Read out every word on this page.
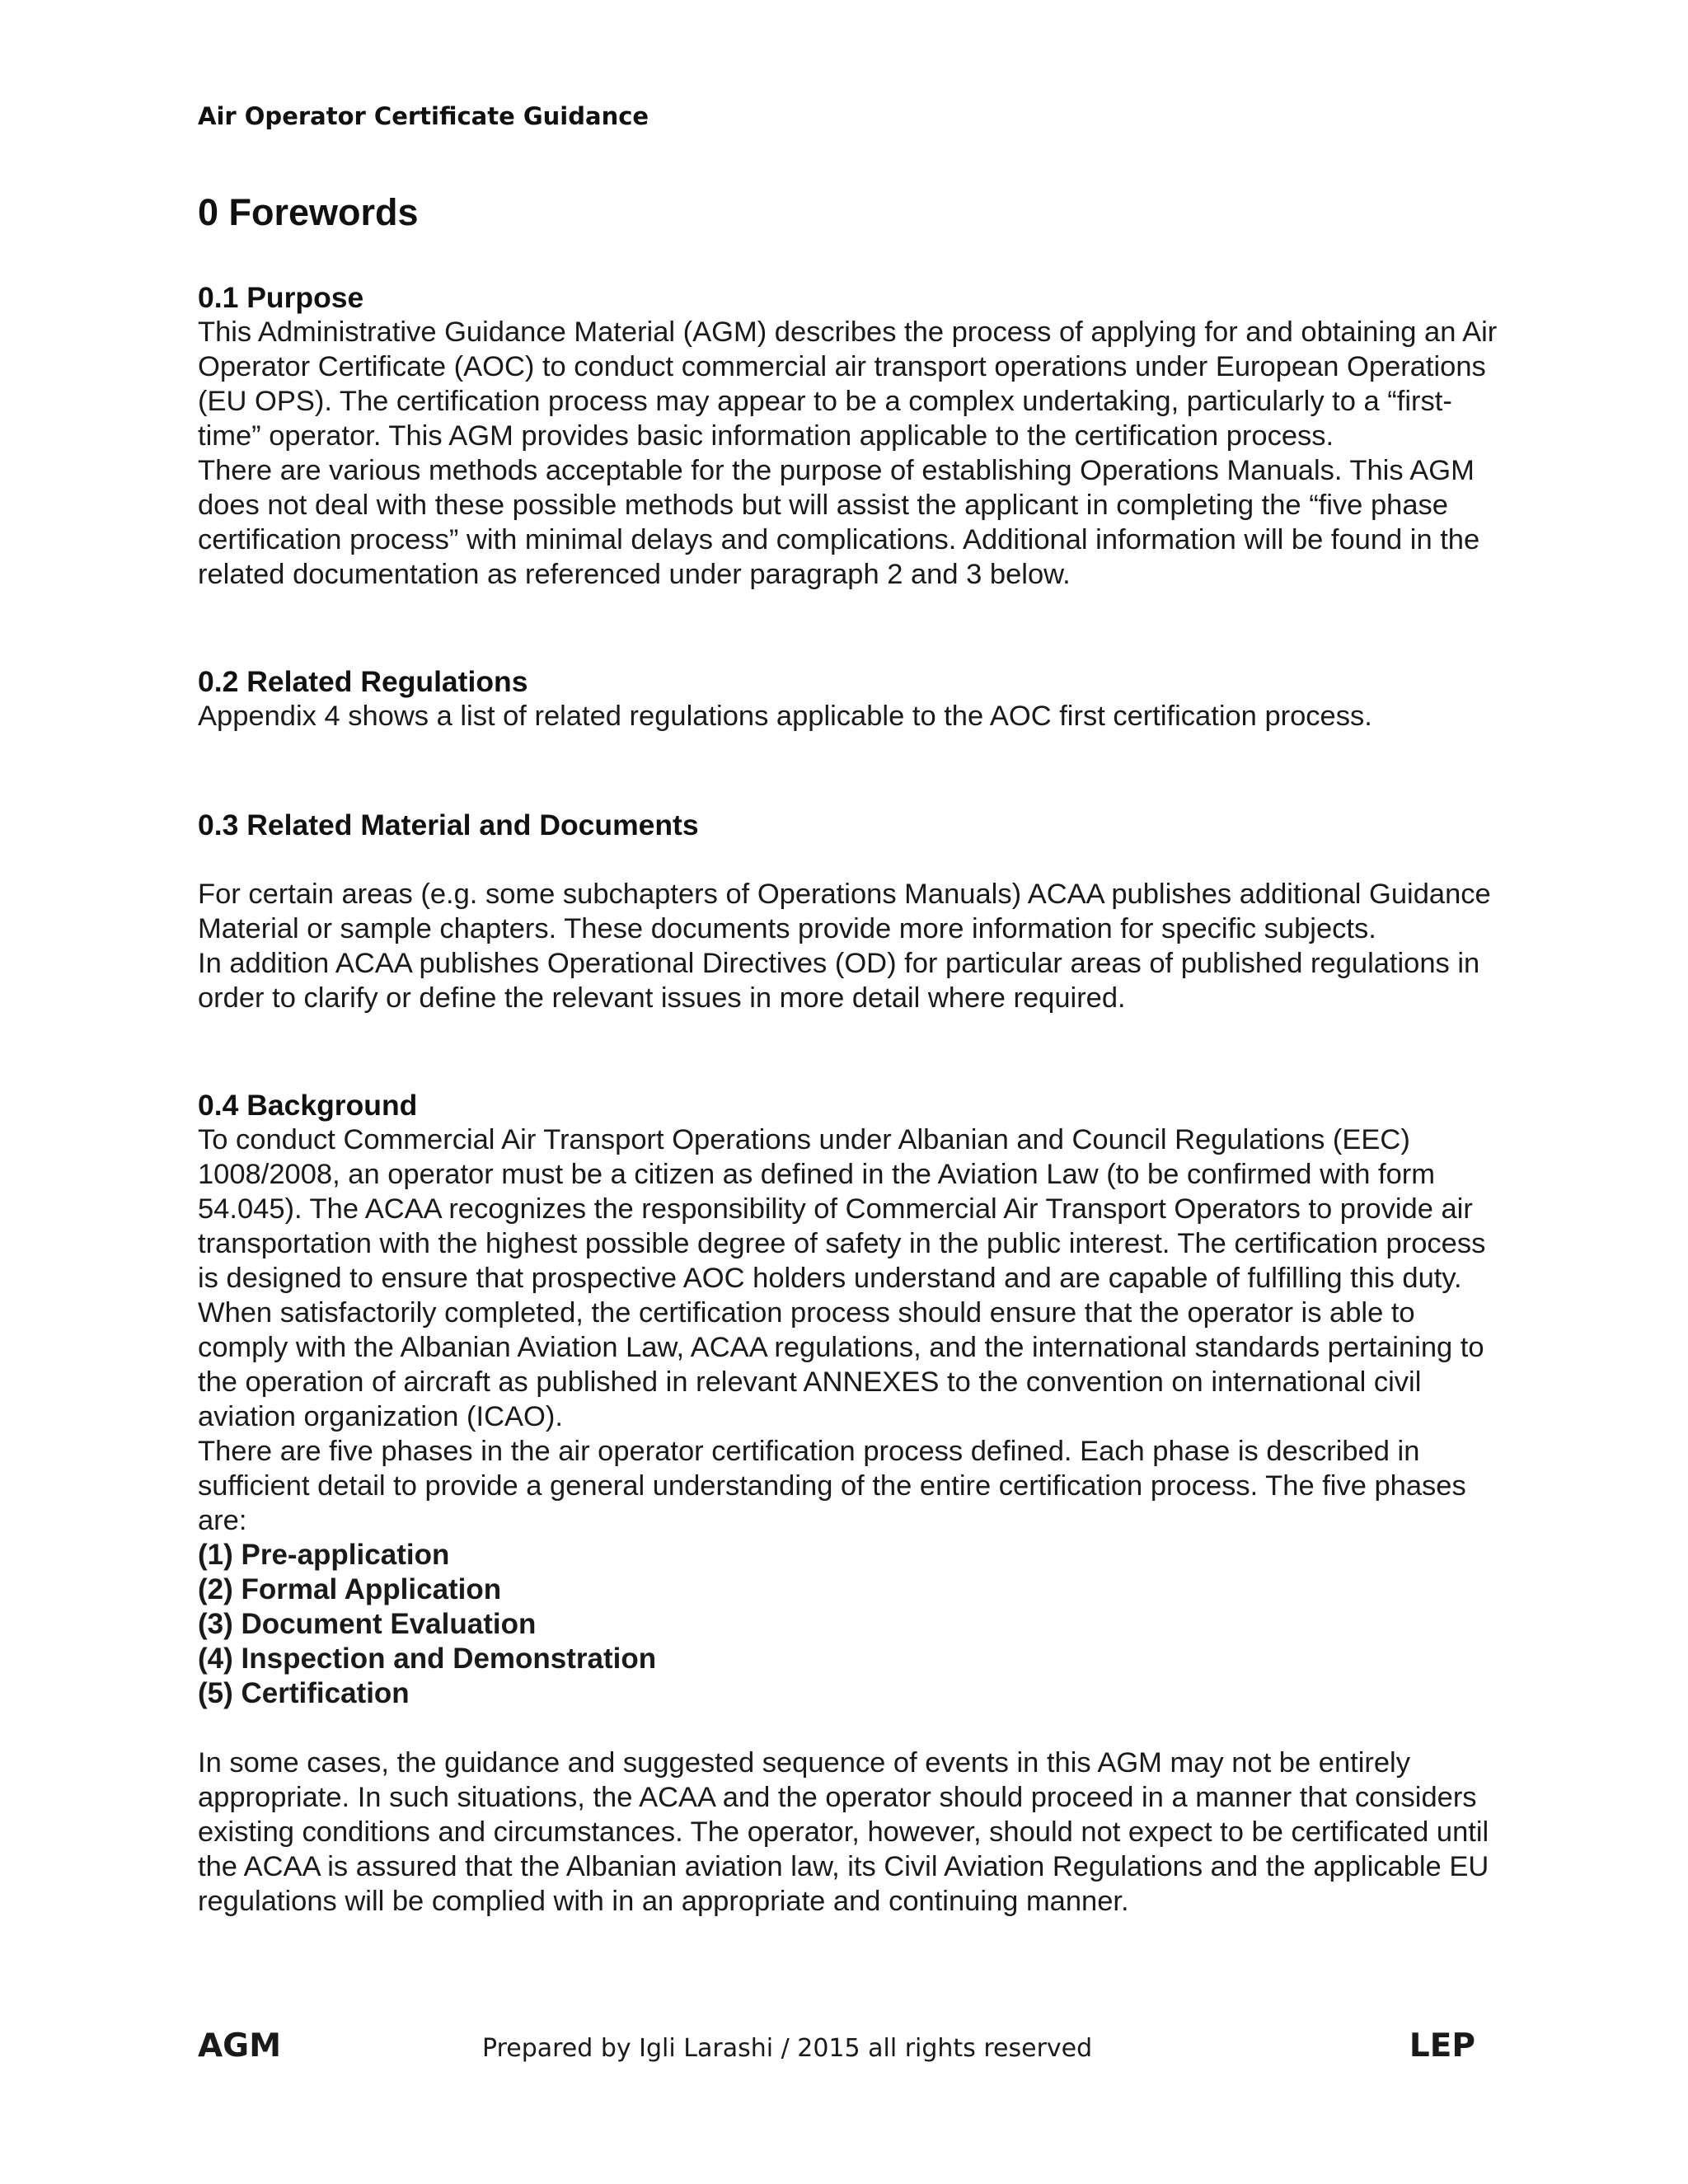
Air Operator Certificate Guidance
0 Forewords
0.1 Purpose

This Administrative Guidance Material (AGM) describes the process of applying for and obtaining an Air Operator Certificate (AOC) to conduct commercial air transport operations under European Operations (EU OPS). The certification process may appear to be a complex undertaking, particularly to a “first-time” operator. This AGM provides basic information applicable to the certification process.

There are various methods acceptable for the purpose of establishing Operations Manuals. This AGM does not deal with these possible methods but will assist the applicant in completing the “five phase certification process” with minimal delays and complications. Additional information will be found in the related documentation as referenced under paragraph 2 and 3 below.

0.2 Related Regulations

Appendix 4 shows a list of related regulations applicable to the AOC first certification process.

0.3 Related Material and Documents

For certain areas (e.g. some subchapters of Operations Manuals) ACAA publishes additional Guidance Material or sample chapters. These documents provide more information for specific subjects.

In addition ACAA publishes Operational Directives (OD) for particular areas of published regulations in order to clarify or define the relevant issues in more detail where required.

0.4 Background

To conduct Commercial Air Transport Operations under Albanian and Council Regulations (EEC) 1008/2008, an operator must be a citizen as defined in the Aviation Law (to be confirmed with form 54.045). The ACAA recognizes the responsibility of Commercial Air Transport Operators to provide air transportation with the highest possible degree of safety in the public interest. The certification process is designed to ensure that prospective AOC holders understand and are capable of fulfilling this duty. When satisfactorily completed, the certification process should ensure that the operator is able to comply with the Albanian Aviation Law, ACAA regulations, and the international standards pertaining to the operation of aircraft as published in relevant ANNEXES to the convention on international civil aviation organization (ICAO).

There are five phases in the air operator certification process defined. Each phase is described in sufficient detail to provide a general understanding of the entire certification process. The five phases are:

(1) Pre-application
(2) Formal Application
(3) Document Evaluation
(4) Inspection and Demonstration
(5) Certification

In some cases, the guidance and suggested sequence of events in this AGM may not be entirely appropriate. In such situations, the ACAA and the operator should proceed in a manner that considers existing conditions and circumstances. The operator, however, should not expect to be certificated until the ACAA is assured that the Albanian aviation law, its Civil Aviation Regulations and the applicable EU regulations will be complied with in an appropriate and continuing manner.

AGM	Prepared by Igli Larashi / 2015 all rights reserved	LEP
